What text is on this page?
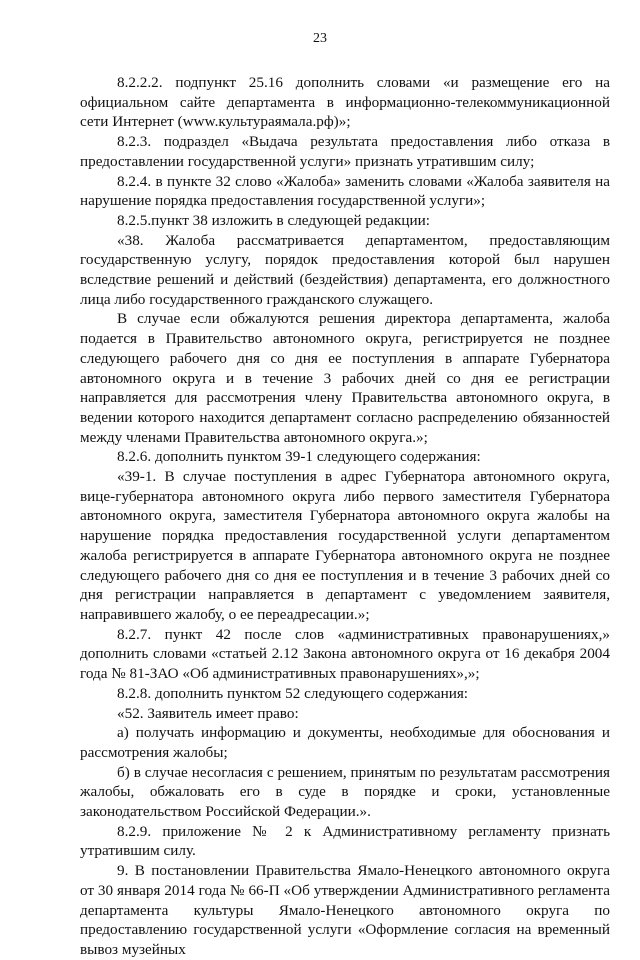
23

8.2.2.2. подпункт 25.16 дополнить словами «и размещение его на официальном сайте департамента в информационно-телекоммуникационной сети Интернет (www.культураямала.рф)»;

8.2.3. подраздел «Выдача результата предоставления либо отказа в предоставлении государственной услуги» признать утратившим силу;

8.2.4. в пункте 32 слово «Жалоба» заменить словами «Жалоба заявителя на нарушение порядка предоставления государственной услуги»;

8.2.5.пункт 38 изложить в следующей редакции:

«38. Жалоба рассматривается департаментом, предоставляющим государственную услугу, порядок предоставления которой был нарушен вследствие решений и действий (бездействия) департамента, его должностного лица либо государственного гражданского служащего.

В случае если обжалуются решения директора департамента, жалоба подается в Правительство автономного округа, регистрируется не позднее следующего рабочего дня со дня ее поступления в аппарате Губернатора автономного округа и в течение 3 рабочих дней со дня ее регистрации направляется для рассмотрения члену Правительства автономного округа, в ведении которого находится департамент согласно распределению обязанностей между членами Правительства автономного округа.»;

8.2.6. дополнить пунктом 39-1 следующего содержания:

«39-1. В случае поступления в адрес Губернатора автономного округа, вице-губернатора автономного округа либо первого заместителя Губернатора автономного округа, заместителя Губернатора автономного округа жалобы на нарушение порядка предоставления государственной услуги департаментом жалоба регистрируется в аппарате Губернатора автономного округа не позднее следующего рабочего дня со дня ее поступления и в течение 3 рабочих дней со дня регистрации направляется в департамент с уведомлением заявителя, направившего жалобу, о ее переадресации.»;

8.2.7. пункт 42 после слов «административных правонарушениях,» дополнить словами «статьей 2.12 Закона автономного округа от 16 декабря 2004 года № 81-ЗАО «Об административных правонарушениях»,»;

8.2.8. дополнить пунктом 52 следующего содержания:

«52. Заявитель имеет право:

а) получать информацию и документы, необходимые для обоснования и рассмотрения жалобы;

б) в случае несогласия с решением, принятым по результатам рассмотрения жалобы, обжаловать его в суде в порядке и сроки, установленные законодательством Российской Федерации.».

8.2.9. приложение № 2 к Административному регламенту признать утратившим силу.

9. В постановлении Правительства Ямало-Ненецкого автономного округа от 30 января 2014 года № 66-П «Об утверждении Административного регламента департамента культуры Ямало-Ненецкого автономного округа по предоставлению государственной услуги «Оформление согласия на временный вывоз музейных
